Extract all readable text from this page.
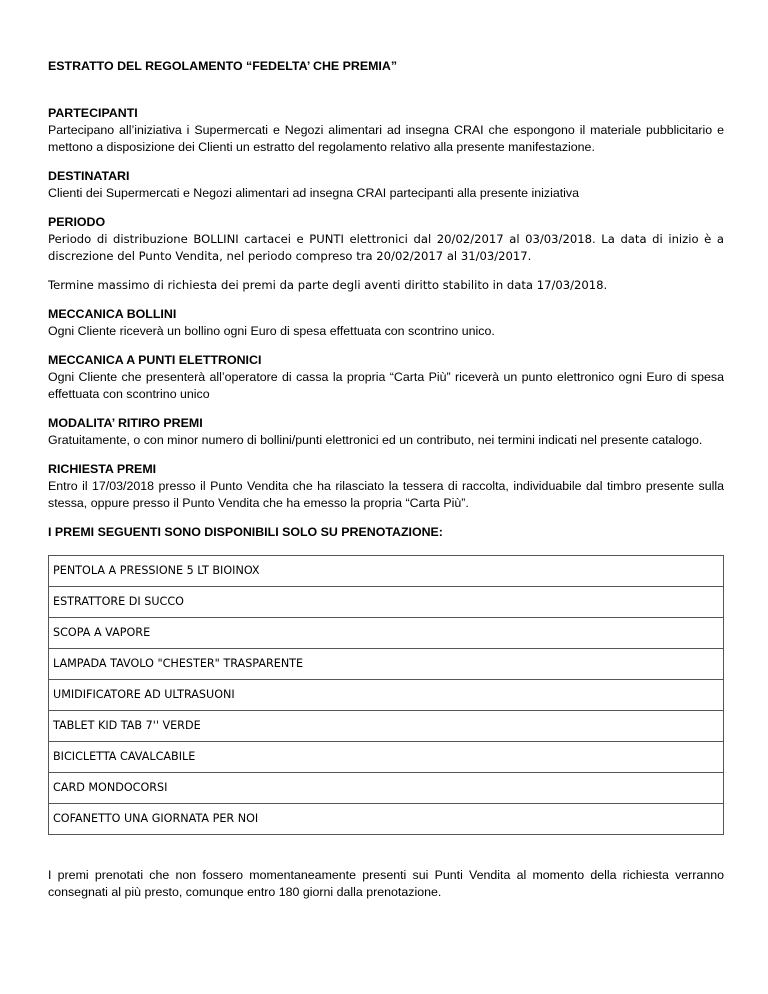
ESTRATTO DEL REGOLAMENTO “FEDELTA’ CHE PREMIA”
PARTECIPANTI
Partecipano all’iniziativa i Supermercati e Negozi alimentari ad insegna CRAI che espongono il materiale pubblicitario e mettono a disposizione dei Clienti un estratto del regolamento relativo alla presente manifestazione.
DESTINATARI
Clienti dei Supermercati e Negozi alimentari ad insegna CRAI partecipanti alla presente iniziativa
PERIODO
Periodo di distribuzione BOLLINI cartacei e PUNTI elettronici dal 20/02/2017 al 03/03/2018. La data di inizio è a discrezione del Punto Vendita, nel periodo compreso tra 20/02/2017 al 31/03/2017.
Termine massimo di richiesta dei premi da parte degli aventi diritto stabilito in data 17/03/2018.
MECCANICA BOLLINI
Ogni Cliente riceverà un bollino ogni Euro di spesa effettuata con scontrino unico.
MECCANICA A PUNTI ELETTRONICI
Ogni Cliente che presenterà all’operatore di cassa la propria “Carta Più” riceverà un punto elettronico ogni Euro di spesa effettuata con scontrino unico
MODALITA’ RITIRO PREMI
Gratuitamente, o con minor numero di bollini/punti elettronici ed un contributo, nei termini indicati nel presente catalogo.
RICHIESTA PREMI
Entro il 17/03/2018 presso il Punto Vendita che ha rilasciato la tessera di raccolta, individuabile dal timbro presente sulla stessa, oppure presso il Punto Vendita che ha emesso la propria “Carta Più”.
I PREMI SEGUENTI SONO DISPONIBILI SOLO SU PRENOTAZIONE:
PENTOLA A PRESSIONE 5 LT BIOINOX
ESTRATTORE DI SUCCO
SCOPA A VAPORE
LAMPADA TAVOLO "CHESTER" TRASPARENTE
UMIDIFICATORE AD ULTRASUONI
TABLET KID TAB 7'' VERDE
BICICLETTA CAVALCABILE
CARD MONDOCORSI
COFANETTO UNA GIORNATA PER NOI
I premi prenotati che non fossero momentaneamente presenti sui Punti Vendita al momento della richiesta verranno consegnati al più presto, comunque entro 180 giorni dalla prenotazione.
